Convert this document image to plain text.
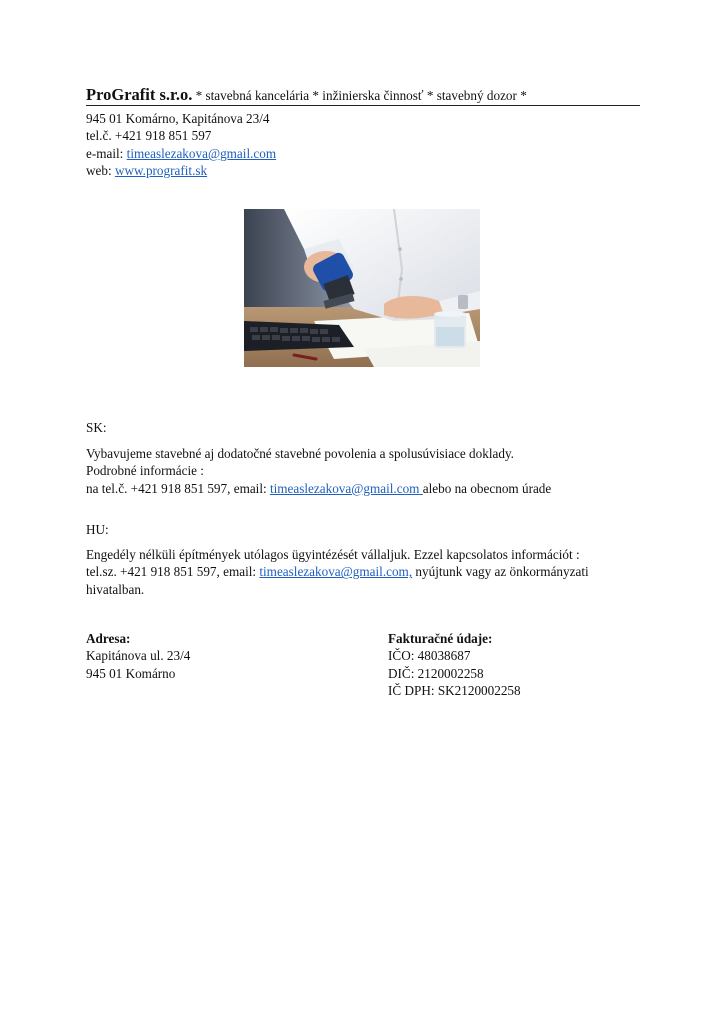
ProGrafit s.r.o. * stavebná kancelária * inžinierska činnosť * stavebný dozor *
945 01 Komárno, Kapitánova 23/4
tel.č. +421 918 851 597
e-mail: timeaslezakova@gmail.com
web: www.prografit.sk
SK:
Vybavujeme stavebné aj dodatočné stavebné povolenia a spolusúvisiace doklady.
Podrobné informácie :
na tel.č. +421 918 851 597, email: timeaslezakova@gmail.com alebo na obecnom úrade
HU:
Engedély nélküli építmények utólagos ügyintézését vállaljuk. Ezzel kapcsolatos információt :
tel.sz. +421 918 851 597, email: timeaslezakova@gmail.com, nyújtunk vagy az önkormányzati
hivatalban.
Adresa:
Kapitánova ul. 23/4
945 01 Komárno
Fakturačné údaje:
IČO: 48038687
DIČ: 2120002258
IČ DPH: SK2120002258
